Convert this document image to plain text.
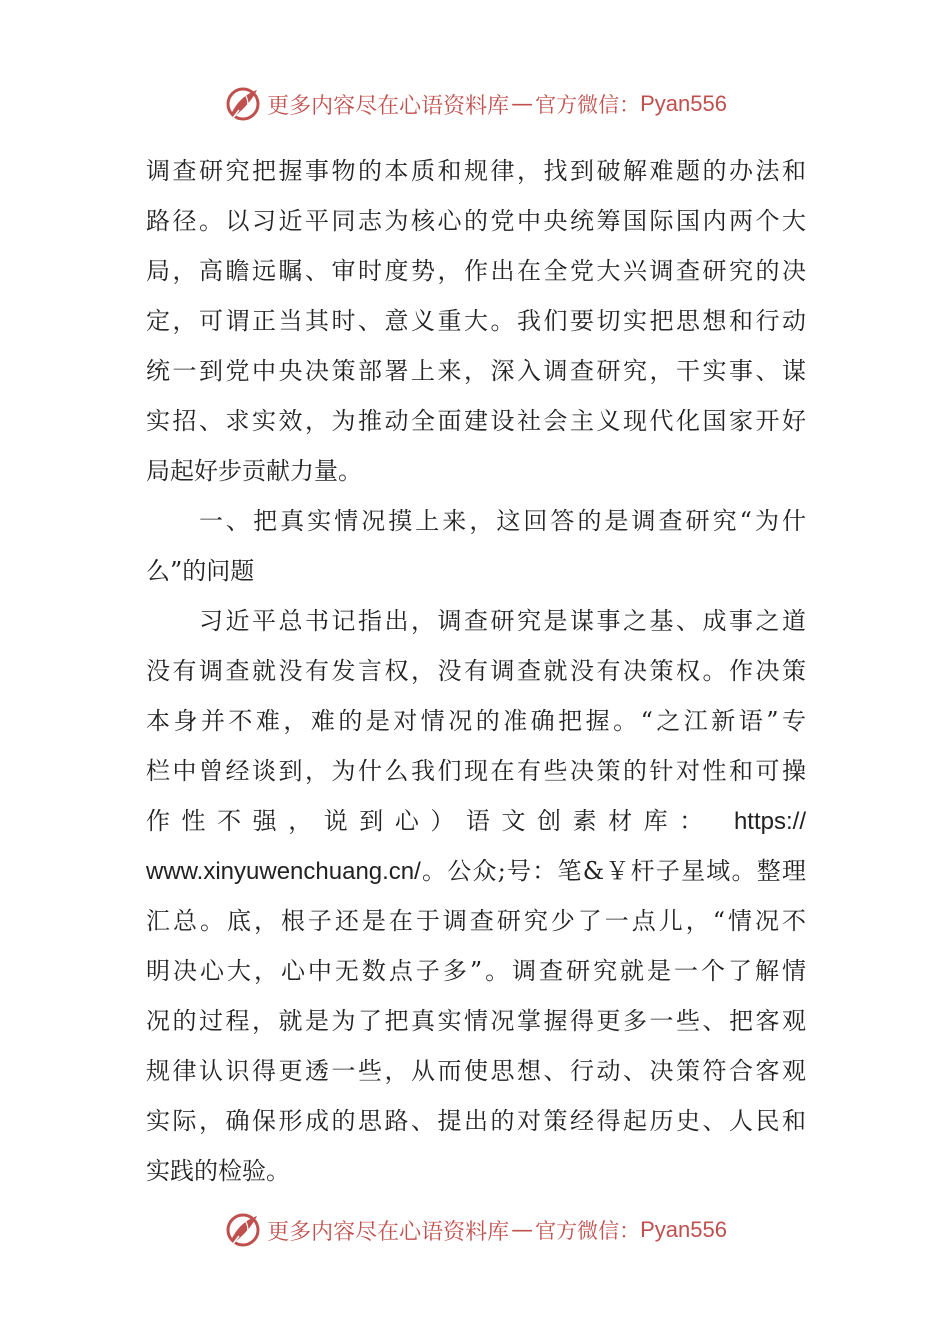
更多内容尽在心语资料库 — 官方微信： Pyan556
调查研究把握事物的本质和规律，找到破解难题的办法和
路径。以习近平同志为核心的党中央统筹国际国内两个大
局，高瞻远瞩、审时度势，作出在全党大兴调查研究的决
定，可谓正当其时、意义重大。我们要切实把思想和行动
统一到党中央决策部署上来，深入调查研究，干实事、谋
实招、求实效，为推动全面建设社会主义现代化国家开好
局起好步贡献力量。
一、把真实情况摸上来，这回答的是调查研究“为什
么”的问题
习近平总书记指出，调查研究是谋事之基、成事之道
没有调查就没有发言权，没有调查就没有决策权。作决策
本身并不难，难的是对情况的准确把握。“之江新语”专
栏中曾经谈到，为什么我们现在有些决策的针对性和可操
作性不强，说到心）语文创素材库： https://
www.xinyuwenchuang.cn/。公众;号：笔&￥杆子星域。整理
汇总。底，根子还是在于调查研究少了一点儿，“情况不
明决心大，心中无数点子多”。调查研究就是一个了解情
况的过程，就是为了把真实情况掌握得更多一些、把客观
规律认识得更透一些，从而使思想、行动、决策符合客观
实际，确保形成的思路、提出的对策经得起历史、人民和
实践的检验。
更多内容尽在心语资料库 — 官方微信： Pyan556
